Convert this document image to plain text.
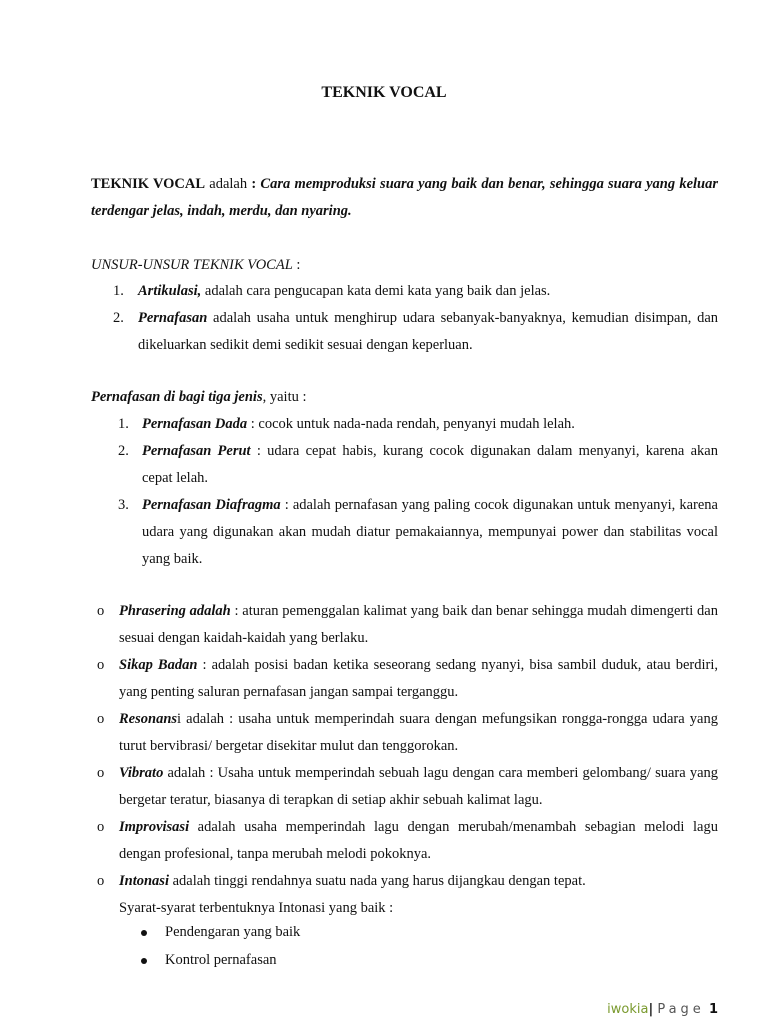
TEKNIK VOCAL
TEKNIK VOCAL adalah : Cara memproduksi suara yang baik dan benar, sehingga suara yang keluar terdengar jelas, indah, merdu, dan nyaring.
UNSUR-UNSUR TEKNIK VOCAL :
1. Artikulasi, adalah cara pengucapan kata demi kata yang baik dan jelas.
2. Pernafasan adalah usaha untuk menghirup udara sebanyak-banyaknya, kemudian disimpan, dan dikeluarkan sedikit demi sedikit sesuai dengan keperluan.
Pernafasan di bagi tiga jenis, yaitu :
1. Pernafasan Dada : cocok untuk nada-nada rendah, penyanyi mudah lelah.
2. Pernafasan Perut : udara cepat habis, kurang cocok digunakan dalam menyanyi, karena akan cepat lelah.
3. Pernafasan Diafragma : adalah pernafasan yang paling cocok digunakan untuk menyanyi, karena udara yang digunakan akan mudah diatur pemakaiannya, mempunyai power dan stabilitas vocal yang baik.
o Phrasering adalah : aturan pemenggalan kalimat yang baik dan benar sehingga mudah dimengerti dan sesuai dengan kaidah-kaidah yang berlaku.
o Sikap Badan : adalah posisi badan ketika seseorang sedang nyanyi, bisa sambil duduk, atau berdiri, yang penting saluran pernafasan jangan sampai terganggu.
o Resonansi adalah : usaha untuk memperindah suara dengan mefungsikan rongga-rongga udara yang turut bervibrasi/ bergetar disekitar mulut dan tenggorokan.
o Vibrato adalah : Usaha untuk memperindah sebuah lagu dengan cara memberi gelombang/ suara yang bergetar teratur, biasanya di terapkan di setiap akhir sebuah kalimat lagu.
o Improvisasi adalah usaha memperindah lagu dengan merubah/menambah sebagian melodi lagu dengan profesional, tanpa merubah melodi pokoknya.
o Intonasi adalah tinggi rendahnya suatu nada yang harus dijangkau dengan tepat.
Syarat-syarat terbentuknya Intonasi yang baik :
Pendengaran yang baik
Kontrol pernafasan
iwokia| Page 1
